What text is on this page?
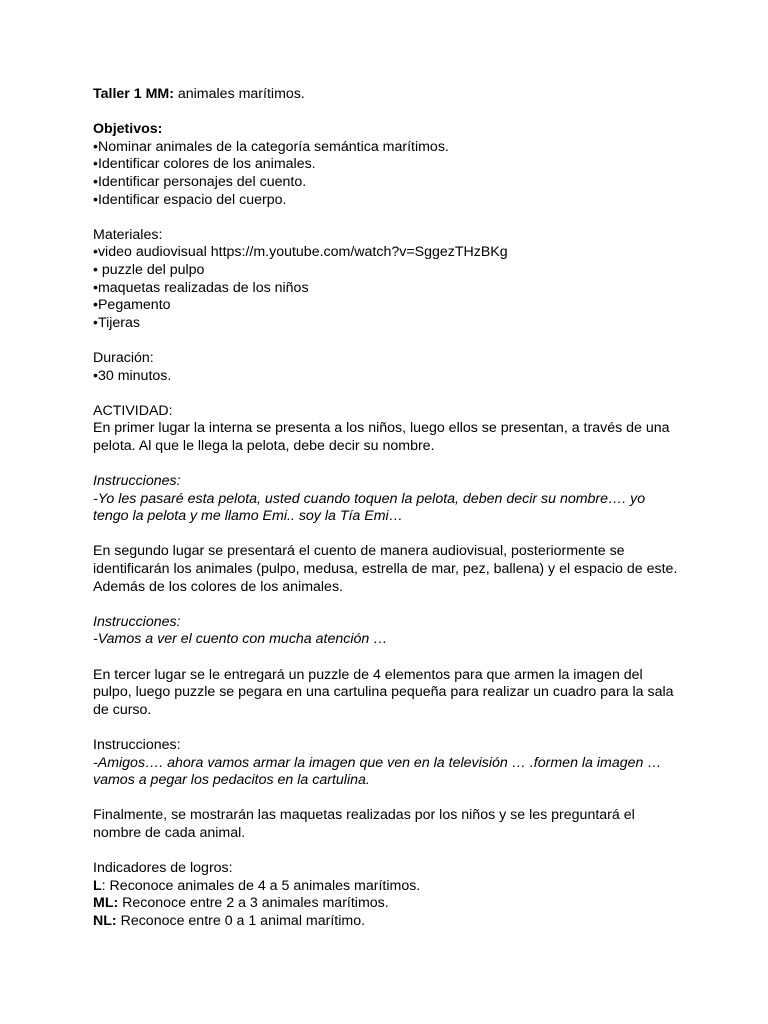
Taller 1 MM: animales marítimos.
Objetivos:
•Nominar animales de la categoría semántica marítimos.
•Identificar colores de los animales.
•Identificar personajes del cuento.
•Identificar espacio del cuerpo.
Materiales:
•video audiovisual https://m.youtube.com/watch?v=SggezTHzBKg
• puzzle del pulpo
•maquetas realizadas de los niños
•Pegamento
•Tijeras
Duración:
•30 minutos.
ACTIVIDAD:
En primer lugar la interna se presenta a los niños, luego ellos se presentan, a través de una pelota. Al que le llega la pelota, debe decir su nombre.
Instrucciones:
-Yo les pasaré esta pelota, usted cuando toquen la pelota, deben decir su nombre…. yo tengo la pelota y me llamo Emi.. soy la Tía Emi…
En segundo lugar se presentará el cuento de manera audiovisual, posteriormente se identificarán los animales (pulpo, medusa, estrella de mar, pez, ballena) y el espacio de este. Además de los colores de los animales.
Instrucciones:
-Vamos a ver el cuento con mucha atención …
En tercer lugar se le entregará un puzzle de 4 elementos para que armen la imagen del pulpo, luego puzzle se pegara en una cartulina pequeña para realizar un cuadro para la sala de curso.
Instrucciones:
-Amigos…. ahora vamos armar la imagen que ven en la televisión … .formen la imagen … vamos a pegar los pedacitos en la cartulina.
Finalmente, se mostrarán las maquetas realizadas por los niños y se les preguntará el nombre de cada animal.
Indicadores de logros:
L: Reconoce animales de 4 a 5 animales marítimos.
ML: Reconoce entre 2 a 3 animales marítimos.
NL: Reconoce entre 0 a 1 animal marítimo.
